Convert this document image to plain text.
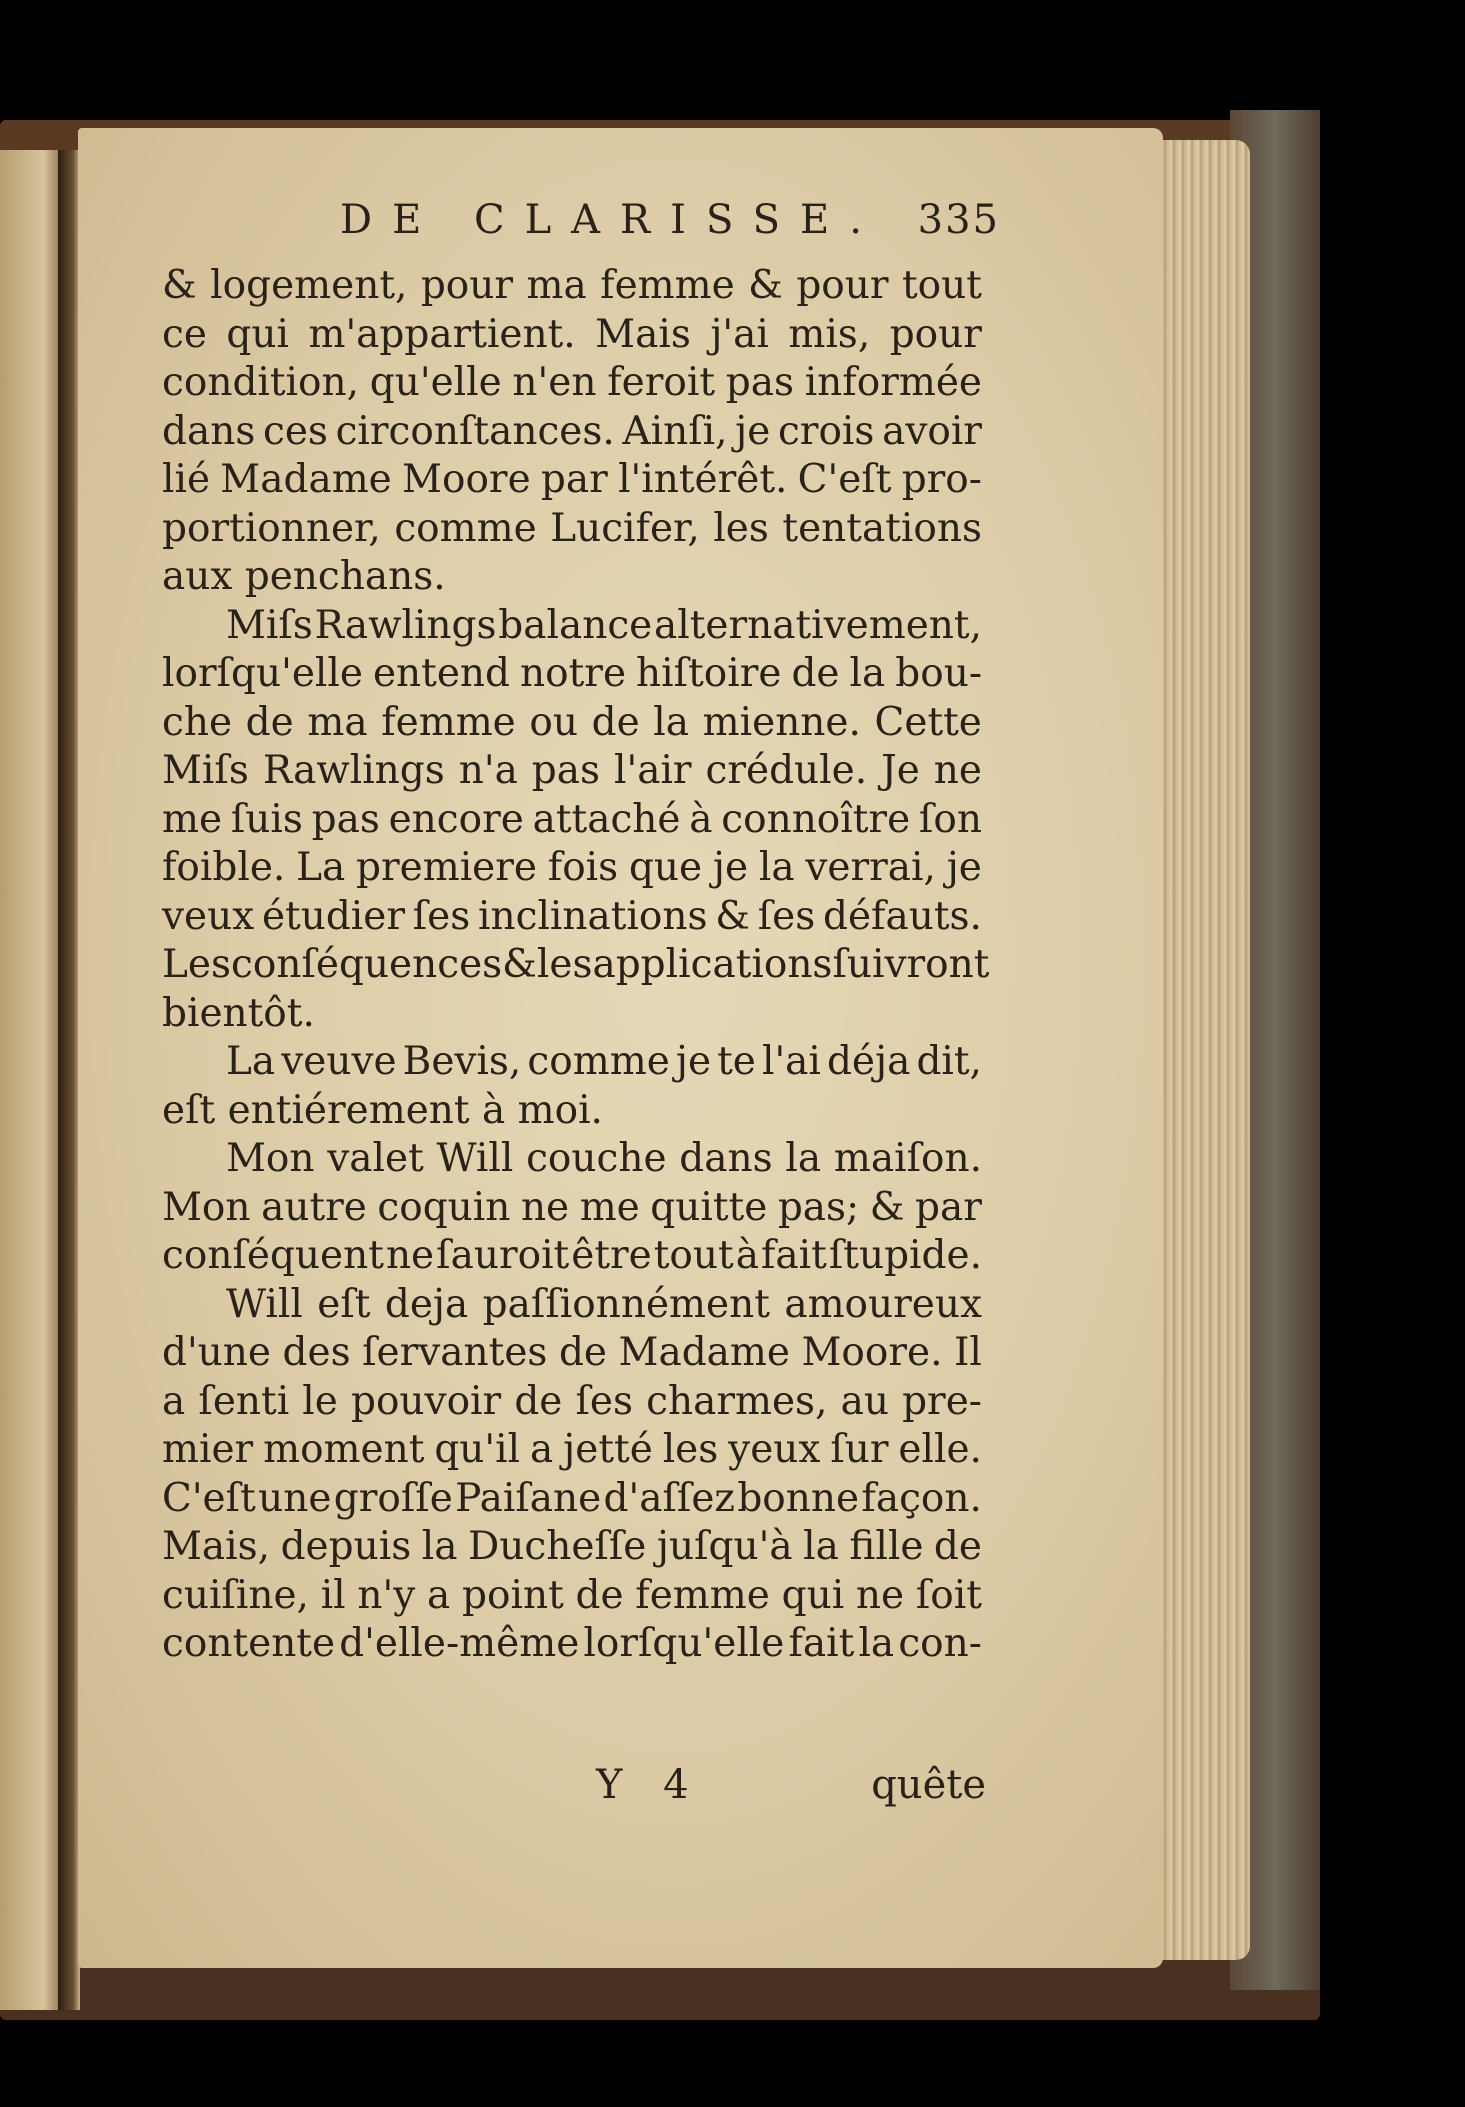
DE CLARISSE. 335
& logement, pour ma femme & pour tout
ce qui m'appartient. Mais j'ai mis, pour
condition, qu'elle n'en feroit pas informée
dans ces circonſtances. Ainſi, je crois avoir
lié Madame Moore par l'intérêt. C'eſt pro-
portionner, comme Lucifer, les tentations
aux penchans.
Miſs Rawlings balance alternativement,
lorſqu'elle entend notre hiſtoire de la bou-
che de ma femme ou de la mienne. Cette
Miſs Rawlings n'a pas l'air crédule. Je ne
me ſuis pas encore attaché à connoître ſon
foible. La premiere fois que je la verrai, je
veux étudier ſes inclinations & ſes défauts.
Les conſéquences & les applications ſuivront
bientôt.
La veuve Bevis, comme je te l'ai déja dit,
eſt entiérement à moi.
Mon valet Will couche dans la maiſon.
Mon autre coquin ne me quitte pas; & par
conſéquent ne ſauroit être tout à fait ſtupide.
Will eſt deja paſſionnément amoureux
d'une des ſervantes de Madame Moore. Il
a ſenti le pouvoir de ſes charmes, au pre-
mier moment qu'il a jetté les yeux ſur elle.
C'eſt une groſſe Paiſane d'aſſez bonne façon.
Mais, depuis la Ducheſſe juſqu'à la fille de
cuiſine, il n'y a point de femme qui ne ſoit
contente d'elle-même lorſqu'elle fait la con-
Y 4	quête
